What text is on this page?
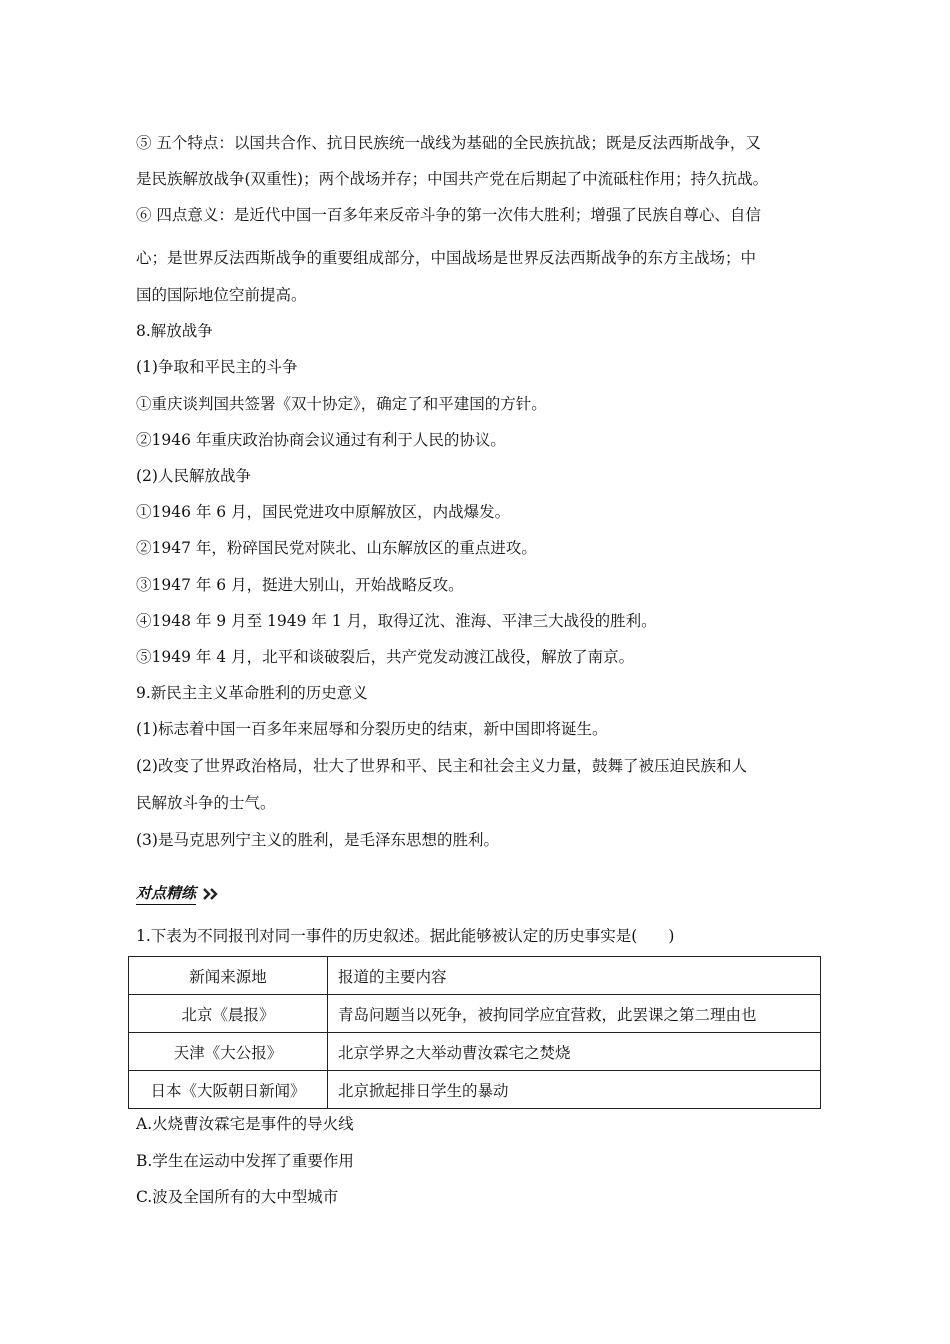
⑤ 五个特点：以国共合作、抗日民族统一战线为基础的全民族抗战；既是反法西斯战争，又
是民族解放战争(双重性)；两个战场并存；中国共产党在后期起了中流砥柱作用；持久抗战。
⑥ 四点意义：是近代中国一百多年来反帝斗争的第一次伟大胜利；增强了民族自尊心、自信
心；是世界反法西斯战争的重要组成部分，中国战场是世界反法西斯战争的东方主战场；中
国的国际地位空前提高。
8.解放战争
(1)争取和平民主的斗争
①重庆谈判国共签署《双十协定》，确定了和平建国的方针。
②1946 年重庆政治协商会议通过有利于人民的协议。
(2)人民解放战争
①1946 年 6 月，国民党进攻中原解放区，内战爆发。
②1947 年，粉碎国民党对陕北、山东解放区的重点进攻。
③1947 年 6 月，挺进大别山，开始战略反攻。
④1948 年 9 月至 1949 年 1 月，取得辽沈、淮海、平津三大战役的胜利。
⑤1949 年 4 月，北平和谈破裂后，共产党发动渡江战役，解放了南京。
9.新民主主义革命胜利的历史意义
(1)标志着中国一百多年来屈辱和分裂历史的结束，新中国即将诞生。
(2)改变了世界政治格局，壮大了世界和平、民主和社会主义力量，鼓舞了被压迫民族和人
民解放斗争的士气。
(3)是马克思列宁主义的胜利，是毛泽东思想的胜利。
对点精练
1.下表为不同报刊对同一事件的历史叙述。据此能够被认定的历史事实是(　　)
新闻来源地	报道的主要内容
北京《晨报》	青岛问题当以死争，被拘同学应宜营救，此罢课之第二理由也
天津《大公报》	北京学界之大举动曹汝霖宅之焚烧
日本《大阪朝日新闻》	北京掀起排日学生的暴动
A.火烧曹汝霖宅是事件的导火线
B.学生在运动中发挥了重要作用
C.波及全国所有的大中型城市
